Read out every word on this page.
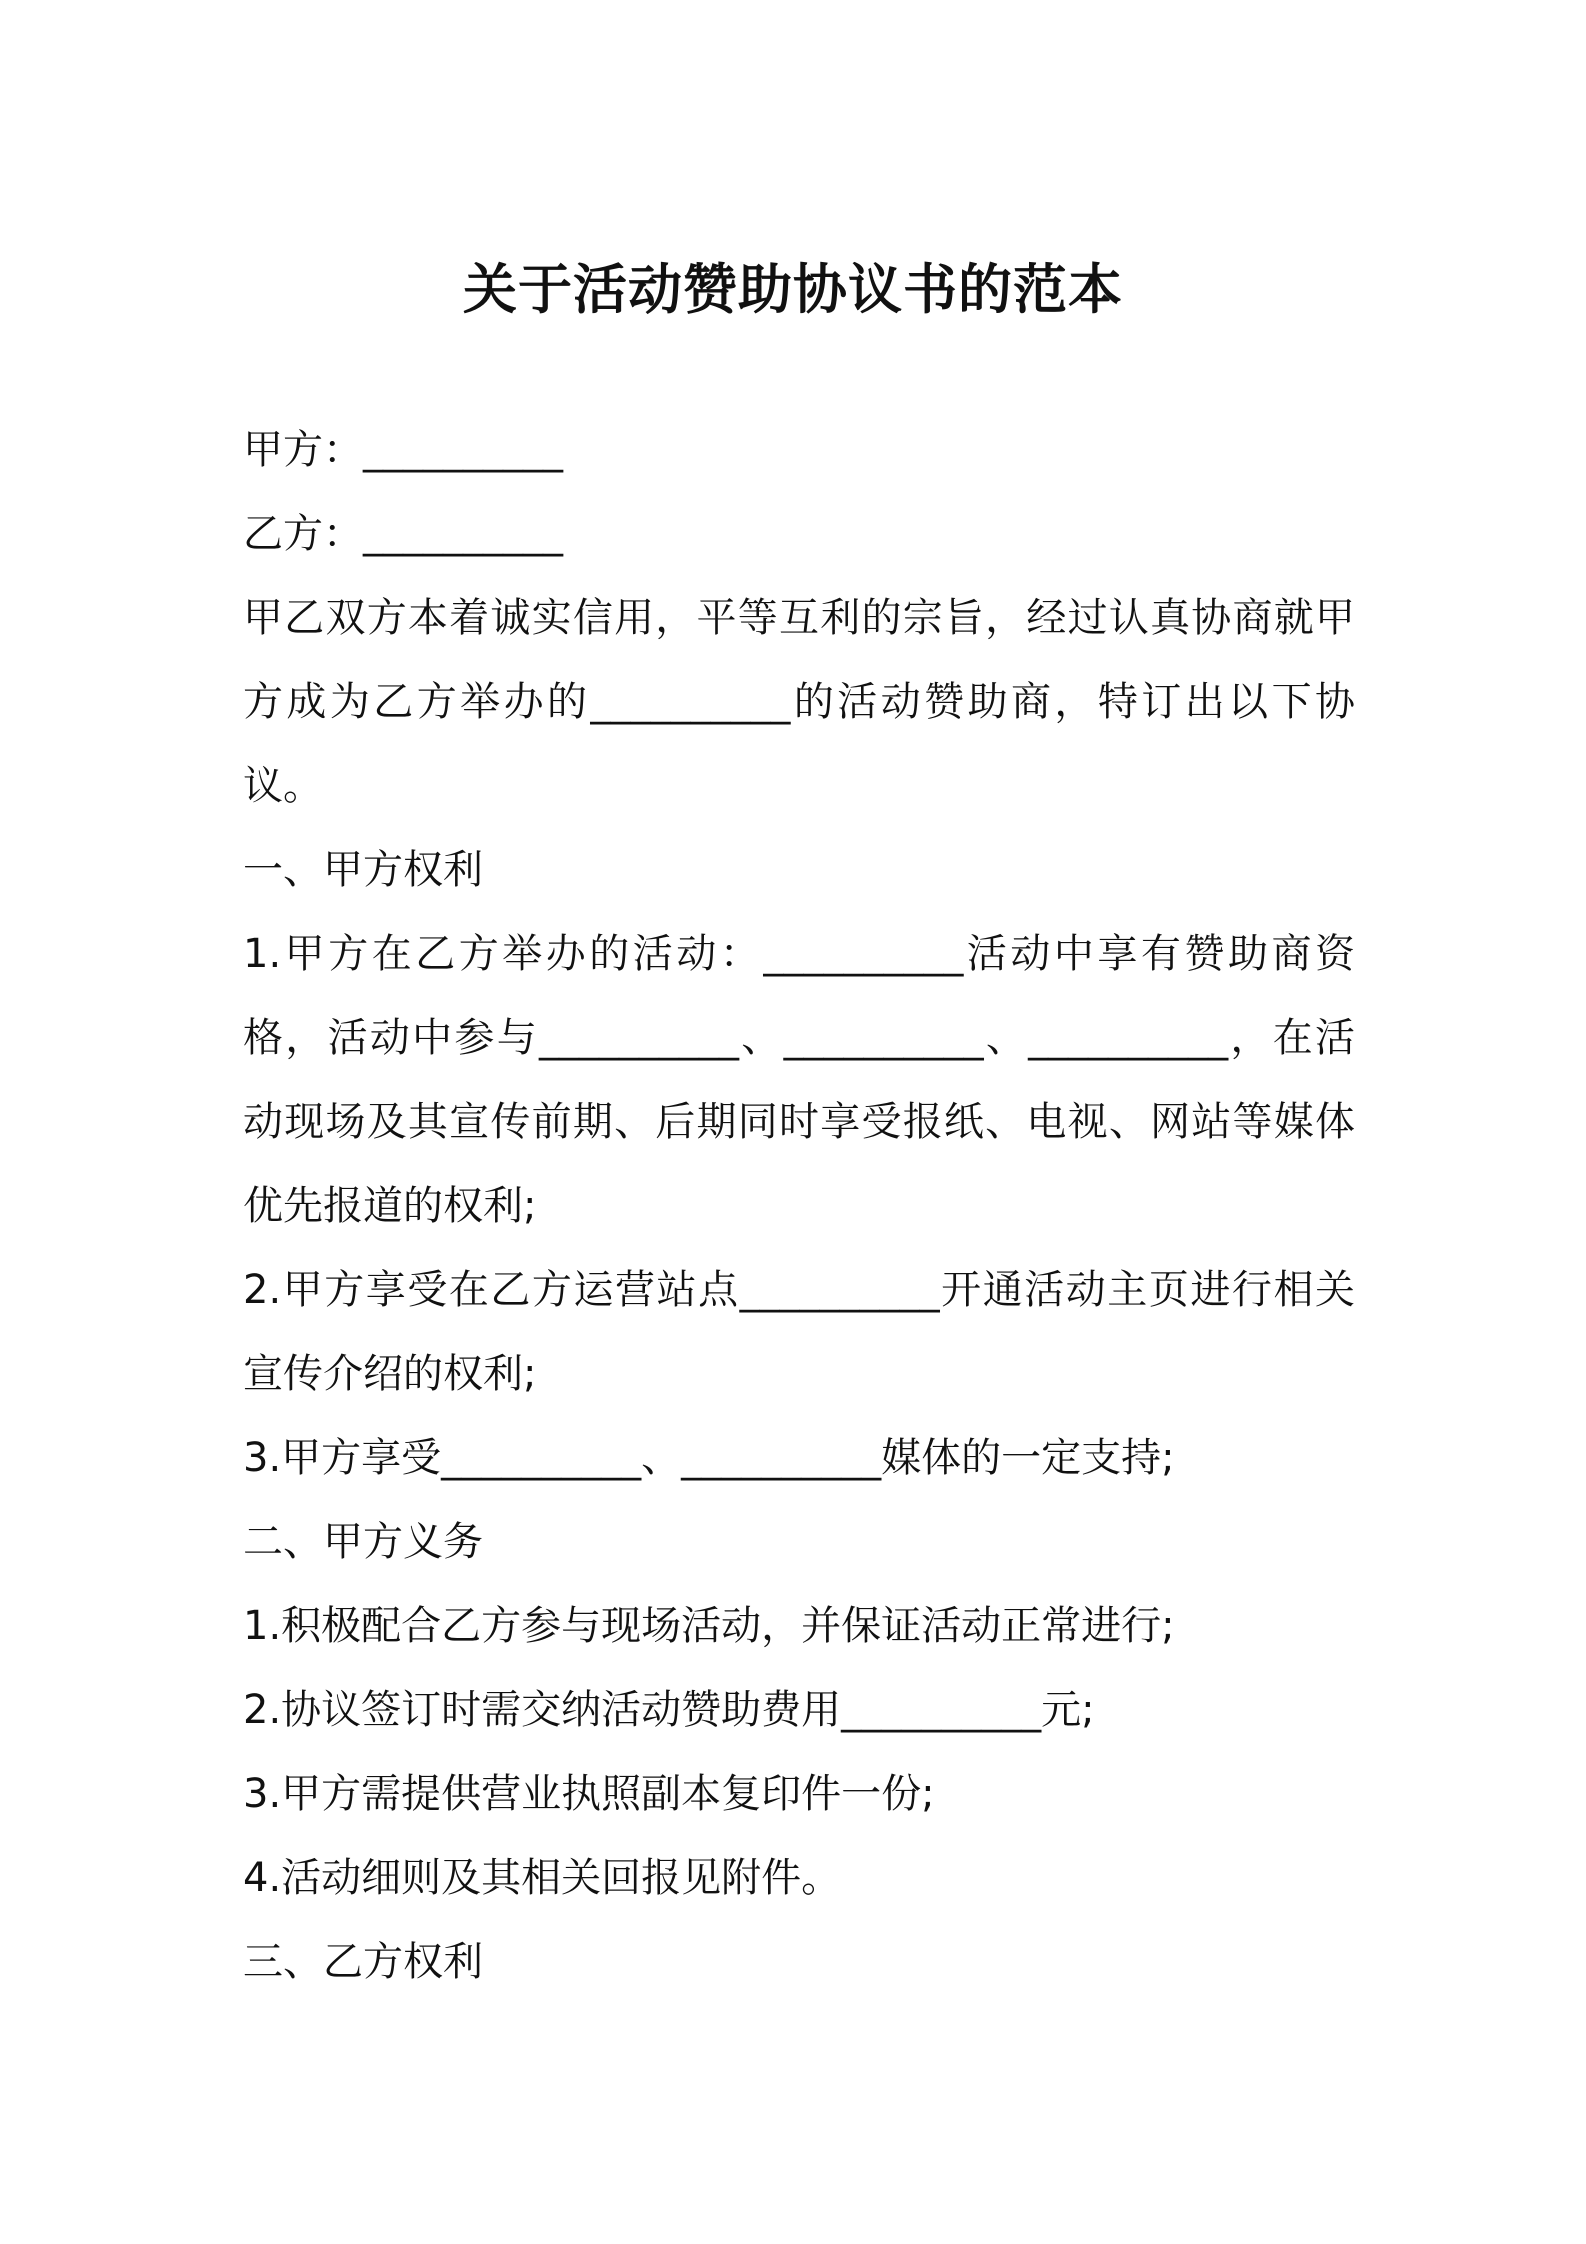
关于活动赞助协议书的范本

甲方：__________

乙方：__________

甲乙双方本着诚实信用，平等互利的宗旨，经过认真协商就甲方成为乙方举办的__________的活动赞助商，特订出以下协议。

一、甲方权利

1.甲方在乙方举办的活动：__________活动中享有赞助商资格，活动中参与__________、__________、__________，在活动现场及其宣传前期、后期同时享受报纸、电视、网站等媒体优先报道的权利;

2.甲方享受在乙方运营站点__________开通活动主页进行相关宣传介绍的权利;

3.甲方享受__________、__________媒体的一定支持;

二、甲方义务

1.积极配合乙方参与现场活动，并保证活动正常进行;

2.协议签订时需交纳活动赞助费用__________元;

3.甲方需提供营业执照副本复印件一份;

4.活动细则及其相关回报见附件。

三、乙方权利
